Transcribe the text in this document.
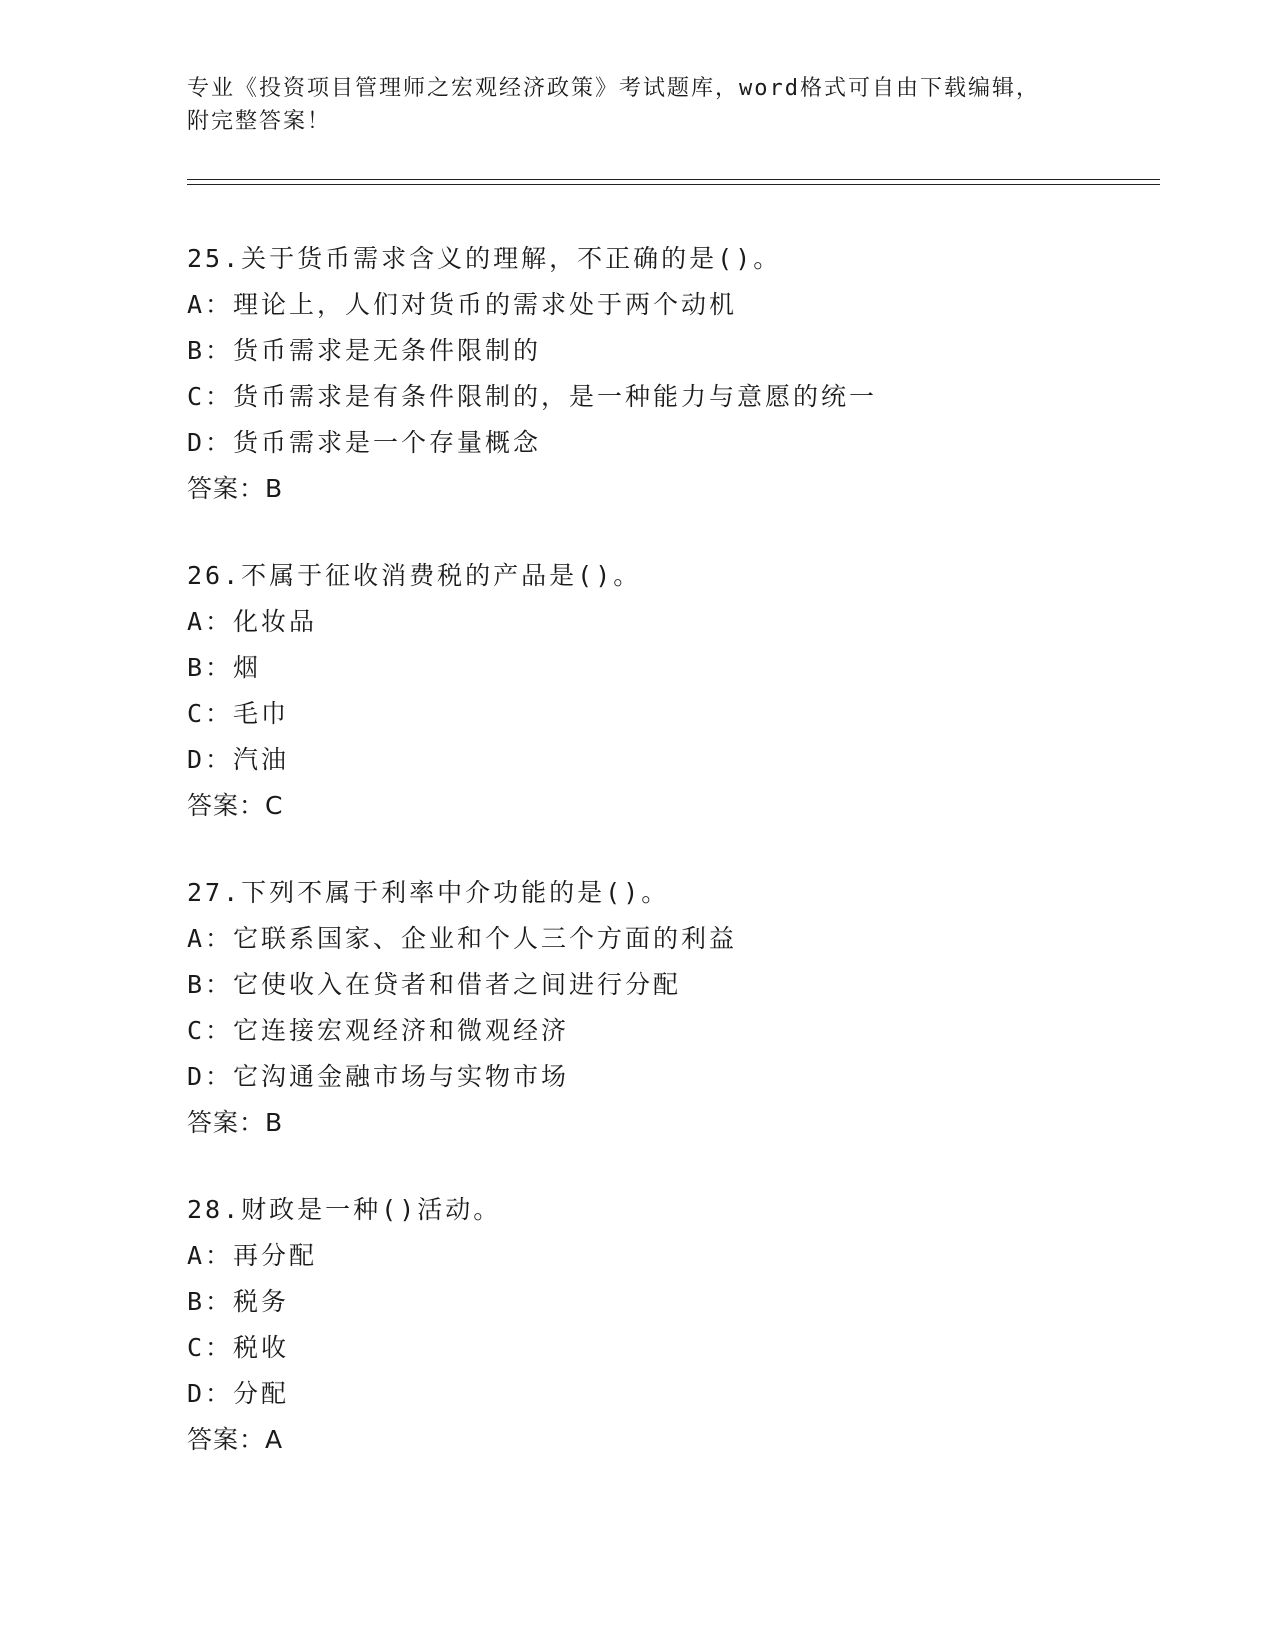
专业《投资项目管理师之宏观经济政策》考试题库，word格式可自由下载编辑，
附完整答案！
25.关于货币需求含义的理解，不正确的是()。
A：理论上，人们对货币的需求处于两个动机
B：货币需求是无条件限制的
C：货币需求是有条件限制的，是一种能力与意愿的统一
D：货币需求是一个存量概念
答案：B
26.不属于征收消费税的产品是()。
A：化妆品
B：烟
C：毛巾
D：汽油
答案：C
27.下列不属于利率中介功能的是()。
A：它联系国家、企业和个人三个方面的利益
B：它使收入在贷者和借者之间进行分配
C：它连接宏观经济和微观经济
D：它沟通金融市场与实物市场
答案：B
28.财政是一种()活动。
A：再分配
B：税务
C：税收
D：分配
答案：A
